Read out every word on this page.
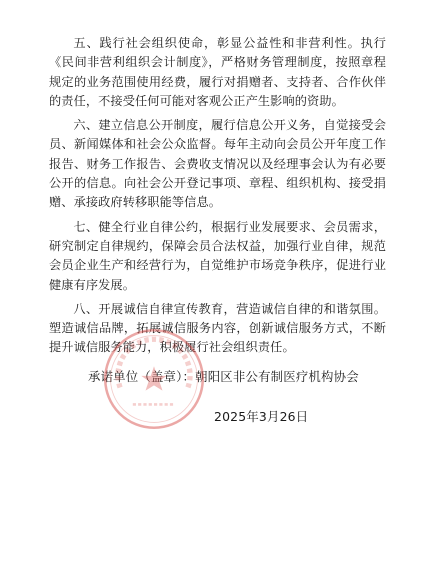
五、践行社会组织使命，彰显公益性和非营利性。执行《民间非营利组织会计制度》，严格财务管理制度，按照章程规定的业务范围使用经费，履行对捐赠者、支持者、合作伙伴的责任，不接受任何可能对客观公正产生影响的资助。

六、建立信息公开制度，履行信息公开义务，自觉接受会员、新闻媒体和社会公众监督。每年主动向会员公开年度工作报告、财务工作报告、会费收支情况以及经理事会认为有必要公开的信息。向社会公开登记事项、章程、组织机构、接受捐赠、承接政府转移职能等信息。

七、健全行业自律公约，根据行业发展要求、会员需求，研究制定自律规约，保障会员合法权益，加强行业自律，规范会员企业生产和经营行为，自觉维护市场竞争秩序，促进行业健康有序发展。

八、开展诚信自律宣传教育，营造诚信自律的和谐氛围。塑造诚信品牌，拓展诚信服务内容，创新诚信服务方式，不断提升诚信服务能力，积极履行社会组织责任。

承诺单位（盖章）：朝阳区非公有制医疗机构协会
2025年3月26日
